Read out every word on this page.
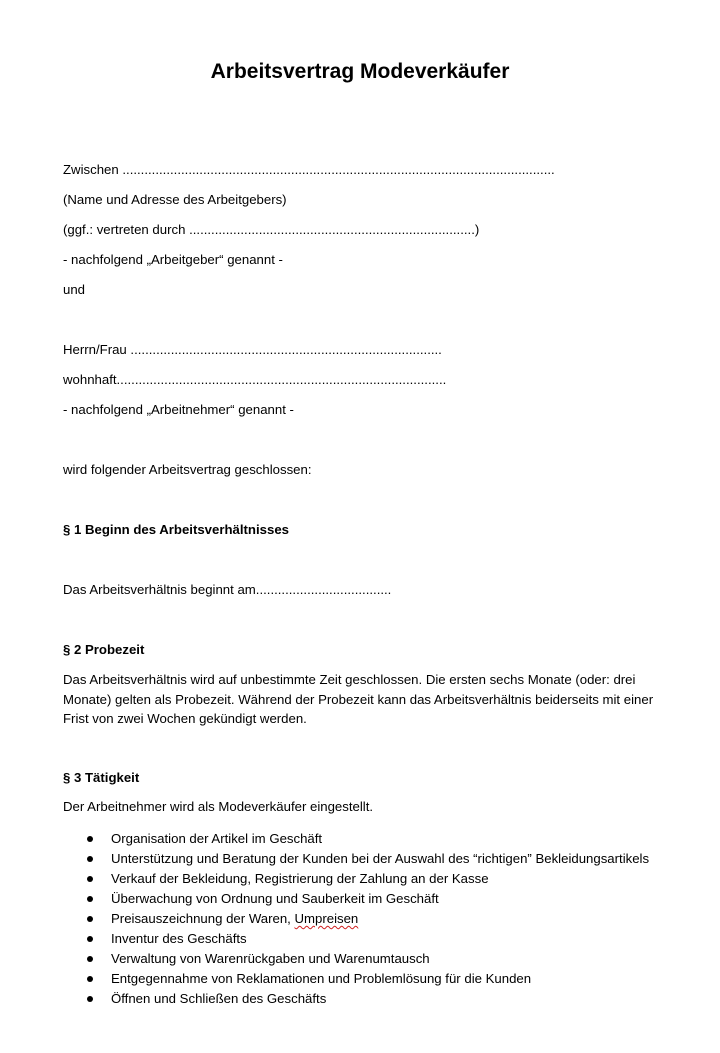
Arbeitsvertrag Modeverkäufer
Zwischen ......................................................................................................................
(Name und Adresse des Arbeitgebers)
(ggf.: vertreten durch ..............................................................................)
- nachfolgend „Arbeitgeber“ genannt -
und
Herrn/Frau .....................................................................................
wohnhaft..........................................................................................
- nachfolgend „Arbeitnehmer“ genannt -
wird folgender Arbeitsvertrag geschlossen:
§ 1 Beginn des Arbeitsverhältnisses
Das Arbeitsverhältnis beginnt am.....................................
§ 2 Probezeit
Das Arbeitsverhältnis wird auf unbestimmte Zeit geschlossen. Die ersten sechs Monate (oder: drei Monate) gelten als Probezeit. Während der Probezeit kann das Arbeitsverhältnis beiderseits mit einer Frist von zwei Wochen gekündigt werden.
§ 3 Tätigkeit
Der Arbeitnehmer wird als Modeverkäufer eingestellt.
Organisation der Artikel im Geschäft
Unterstützung und Beratung der Kunden bei der Auswahl des “richtigen” Bekleidungsartikels
Verkauf der Bekleidung, Registrierung der Zahlung an der Kasse
Überwachung von Ordnung und Sauberkeit im Geschäft
Preisauszeichnung der Waren, Umpreisen
Inventur des Geschäfts
Verwaltung von Warenrückgaben und Warenumtausch
Entgegennahme von Reklamationen und Problemlösung für die Kunden
Öffnen und Schließen des Geschäfts
